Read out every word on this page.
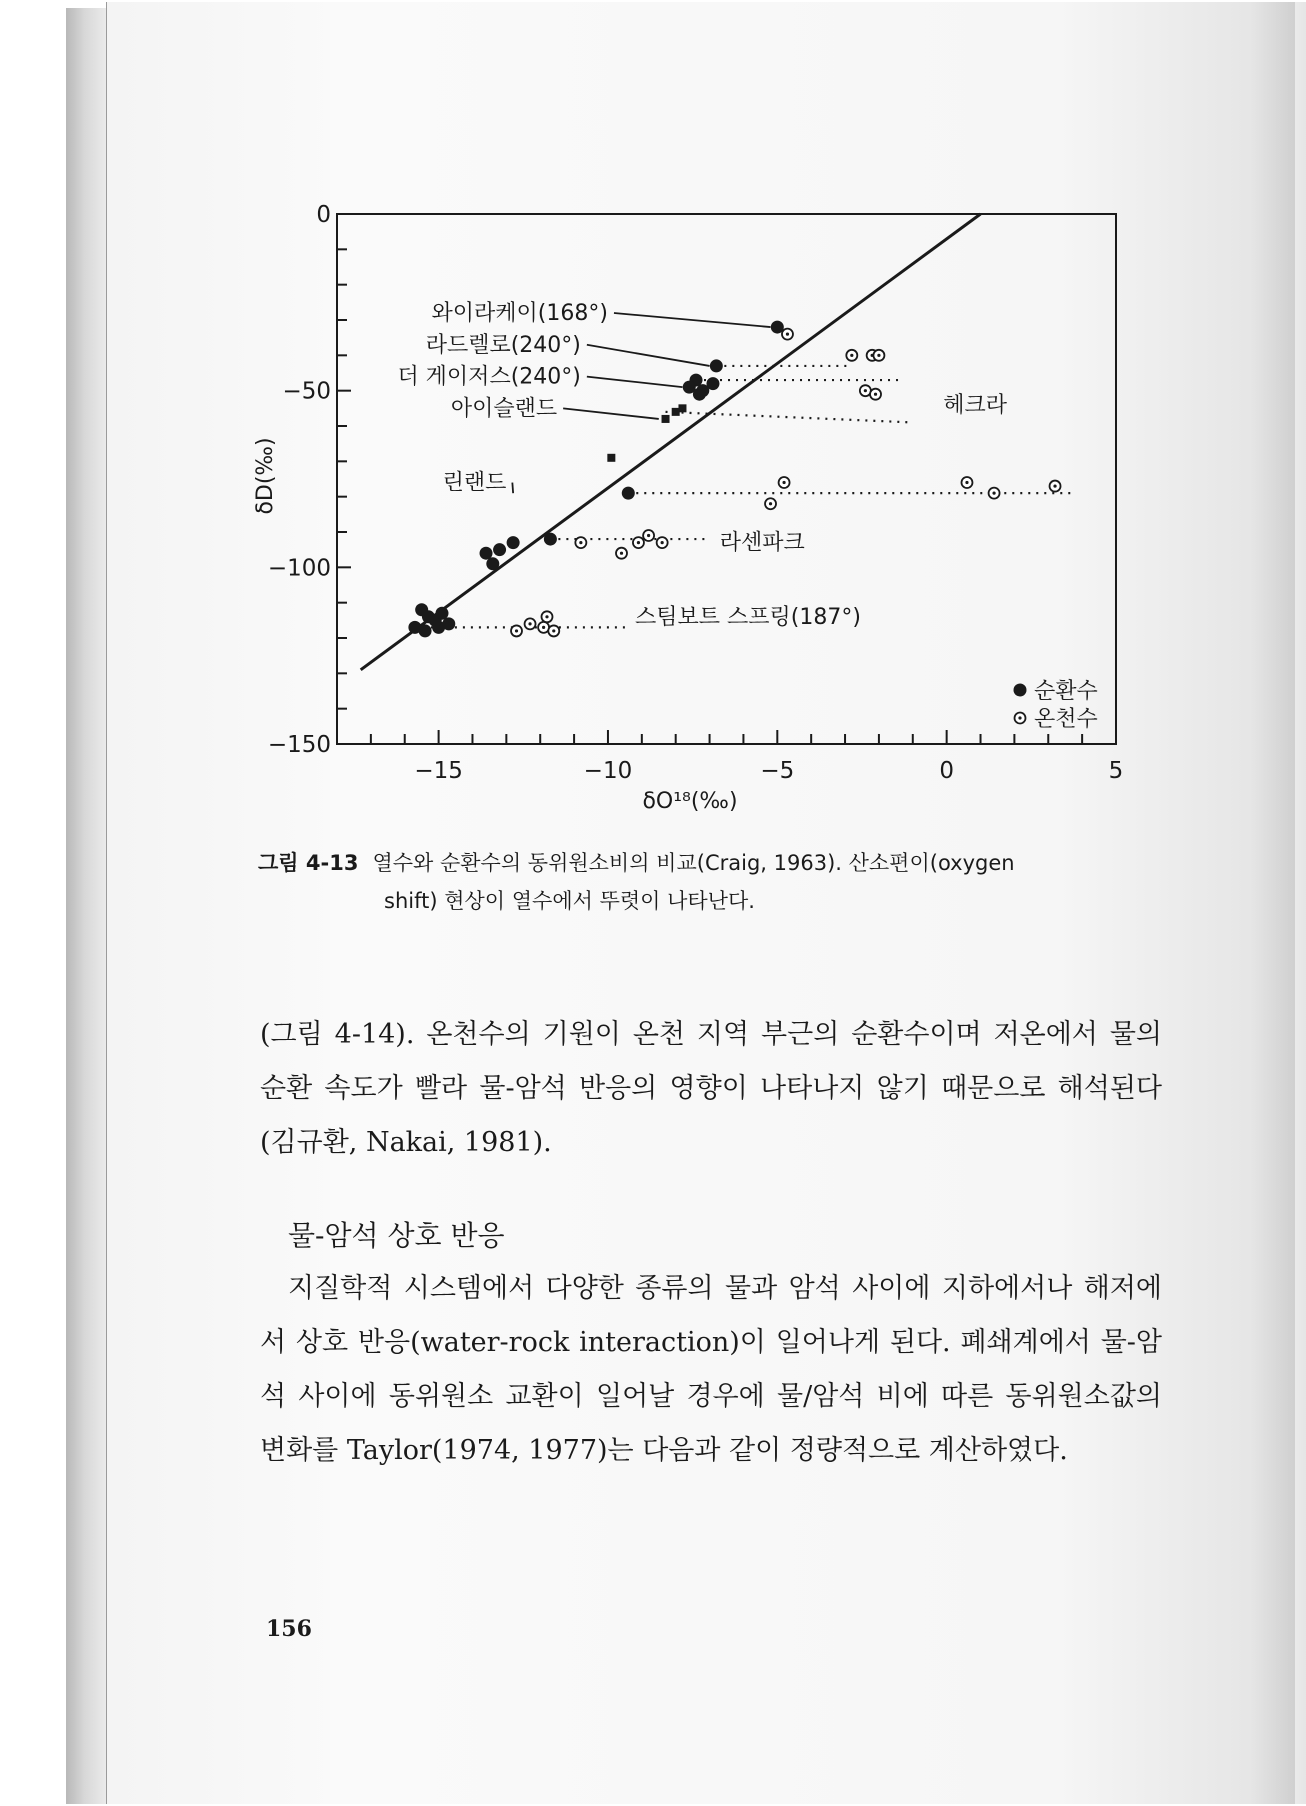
−15	−10	−5	0	5
0
−50
−100
−150
와이라케이(168°)
라드렐로(240°)
더 게이저스(240°)
아이슬랜드	헤크라
린랜드
라센파크
스팀보트 스프링(187°)
δO¹⁸(‰)
δD(‰)
순환수
온천수
그림 4-13 열수와 순환수의 동위원소비의 비교(Craig, 1963). 산소편이(oxygen
shift) 현상이 열수에서 뚜렷이 나타난다.
(그림 4-14). 온천수의 기원이 온천 지역 부근의 순환수이며 저온에서 물의 순환 속도가 빨라 물-암석 반응의 영향이 나타나지 않기 때문으로 해석된다(김규환, Nakai, 1981).
물-암석 상호 반응
지질학적 시스템에서 다양한 종류의 물과 암석 사이에 지하에서나 해저에서 상호 반응(water-rock interaction)이 일어나게 된다. 폐쇄계에서 물-암석 사이에 동위원소 교환이 일어날 경우에 물/암석 비에 따른 동위원소값의 변화를 Taylor(1974, 1977)는 다음과 같이 정량적으로 계산하였다.
156
